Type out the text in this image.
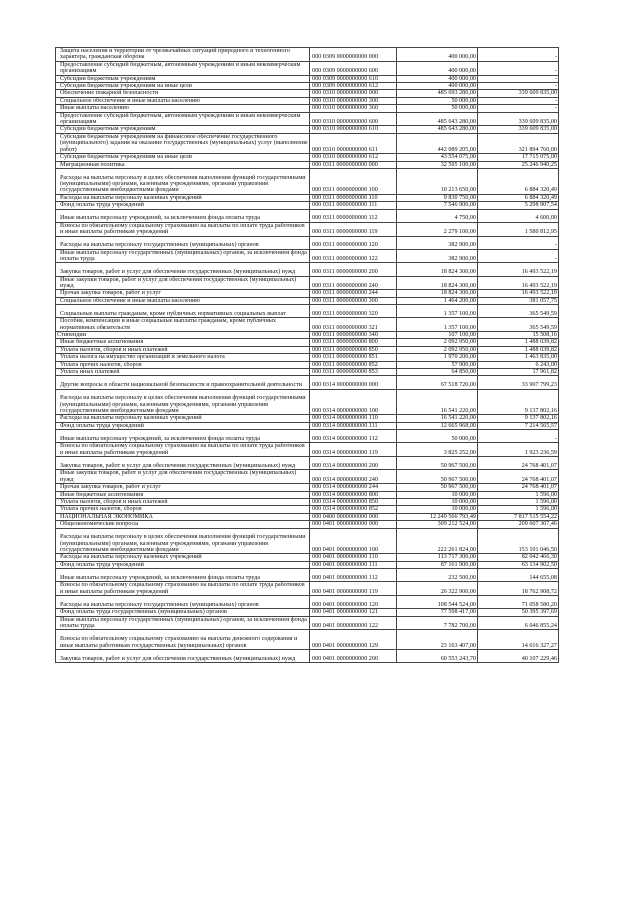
Защита населения и территории от чрезвычайных ситуаций природного и техногенного характера, гражданская оборона	000 0309 0000000000 000	400 000,00	-
Предоставление субсидий бюджетным, автономным учреждениям и иным некоммерческим организациям	000 0309 0000000000 600	400 000,00	-
Субсидии бюджетным учреждениям	000 0309 0000000000 610	400 000,00	-
Субсидии бюджетным учреждениям на иные цели	000 0309 0000000000 612	400 000,00	-
Обеспечение пожарной безопасности	000 0310 0000000000 000	485 693 280,00	339 609 835,00
Социальное обеспечение и иные выплаты населению	000 0310 0000000000 300	50 000,00	-
Иные выплаты населению	000 0310 0000000000 360	50 000,00	-
Предоставление субсидий бюджетным, автономным учреждениям и иным некоммерческим организациям	000 0310 0000000000 600	485 643 280,00	339 609 835,00
Субсидии бюджетным учреждениям	000 0310 0000000000 610	485 643 280,00	339 609 835,00
Субсидии бюджетным учреждениям на финансовое обеспечение государственного (муниципального) задания на оказание государственных (муниципальных) услуг (выполнение работ)	000 0310 0000000000 611	442 089 205,00	321 894 760,00
Субсидии бюджетным учреждениям на иные цели	000 0310 0000000000 612	43 554 075,00	17 715 075,00
Миграционная политика	000 0311 0000000000 000	32 595 100,00	25 246 940,25
Расходы на выплаты персоналу в целях обеспечения выполнения функций государственными (муниципальными) органами, казенными учреждениями, органами управления государственными внебюджетными фондами	000 0311 0000000000 100	10 213 650,00	6 884 320,49
Расходы на выплаты персоналу казенных учреждений	000 0311 0000000000 110	9 830 750,00	6 884 320,49
Фонд оплаты труда учреждений	000 0311 0000000000 111	7 546 900,00	5 298 907,54
Иные выплаты персоналу учреждений, за исключением фонда оплаты труда	000 0311 0000000000 112	4 750,00	4 600,00
Взносы по обязательному социальному страхованию на выплаты по оплате труда работников и иные выплаты работникам учреждений	000 0311 0000000000 119	2 279 100,00	1 580 812,95
Расходы на выплаты персоналу государственных (муниципальных) органов	000 0311 0000000000 120	382 900,00	-
Иные выплаты персоналу государственных (муниципальных) органов, за исключением фонда оплаты труда	000 0311 0000000000 122	382 900,00	-
Закупка товаров, работ и услуг для обеспечения государственных (муниципальных) нужд	000 0311 0000000000 200	18 824 300,00	16 493 522,19
Иные закупки товаров, работ и услуг для обеспечения государственных (муниципальных) нужд	000 0311 0000000000 240	18 824 300,00	16 493 522,19
Прочая закупка товаров, работ и услуг	000 0311 0000000000 244	18 824 300,00	16 493 522,19
Социальное обеспечение и иные выплаты населению	000 0311 0000000000 300	1 464 200,00	381 057,75
Социальные выплаты гражданам, кроме публичных нормативных социальных выплат	000 0311 0000000000 320	1 357 100,00	365 549,59
Пособия, компенсации и иные социальные выплаты гражданам, кроме публичных нормативных обязательств	000 0311 0000000000 321	1 357 100,00	365 549,59
Стипендии	000 0311 0000000000 340	107 100,00	15 508,16
Иные бюджетные ассигнования	000 0311 0000000000 800	2 092 950,00	1 488 039,82
Уплата налогов, сборов и иных платежей	000 0311 0000000000 850	2 092 950,00	1 488 039,82
Уплата налога на имущество организаций и земельного налога	000 0311 0000000000 851	1 970 200,00	1 463 835,00
Уплата прочих налогов, сборов	000 0311 0000000000 852	57 900,00	6 243,00
Уплата иных платежей	000 0311 0000000000 853	64 850,00	17 961,82
Другие вопросы в области национальной безопасности и правоохранительной деятельности	000 0314 0000000000 000	67 518 720,00	33 907 799,23
Расходы на выплаты персоналу в целях обеспечения выполнения функций государственными (муниципальными) органами, казенными учреждениями, органами управления государственными внебюджетными фондами	000 0314 0000000000 100	16 541 220,00	9 137 802,16
Расходы на выплаты персоналу казенных учреждений	000 0314 0000000000 110	16 541 220,00	9 137 802,16
Фонд оплаты труда учреждений	000 0314 0000000000 111	12 665 968,00	7 214 565,57
Иные выплаты персоналу учреждений, за исключением фонда оплаты труда	000 0314 0000000000 112	50 000,00	-
Взносы по обязательному социальному страхованию на выплаты по оплате труда работников и иные выплаты работникам учреждений	000 0314 0000000000 119	3 825 252,00	1 923 236,59
Закупка товаров, работ и услуг для обеспечения государственных (муниципальных) нужд	000 0314 0000000000 200	50 967 500,00	24 768 401,07
Иные закупки товаров, работ и услуг для обеспечения государственных (муниципальных) нужд	000 0314 0000000000 240	50 967 500,00	24 768 401,07
Прочая закупка товаров, работ и услуг	000 0314 0000000000 244	50 967 500,00	24 768 401,07
Иные бюджетные ассигнования	000 0314 0000000000 800	10 000,00	1 596,00
Уплата налогов, сборов и иных платежей	000 0314 0000000000 850	10 000,00	1 596,00
Уплата прочих налогов, сборов	000 0314 0000000000 852	10 000,00	1 596,00
НАЦИОНАЛЬНАЯ ЭКОНОМИКА	000 0400 0000000000 000	12 249 566 793,49	7 817 515 554,22
Общеэкономические вопросы	000 0401 0000000000 000	309 212 524,00	209 607 307,46
Расходы на выплаты персоналу в целях обеспечения выполнения функций государственными (муниципальными) органами, казенными учреждениями, органами управления государственными внебюджетными фондами	000 0401 0000000000 100	222 261 824,00	153 101 046,50
Расходы на выплаты персоналу казенных учреждений	000 0401 0000000000 110	113 717 300,00	82 042 466,30
Фонд оплаты труда учреждений	000 0401 0000000000 111	87 161 900,00	63 134 902,50
Иные выплаты персоналу учреждений, за исключением фонда оплаты труда	000 0401 0000000000 112	232 500,00	144 655,08
Взносы по обязательному социальному страхованию на выплаты по оплате труда работников и иные выплаты работникам учреждений	000 0401 0000000000 119	26 322 900,00	18 762 908,72
Расходы на выплаты персоналу государственных (муниципальных) органов	000 0401 0000000000 120	108 544 524,00	71 058 580,20
Фонд оплаты труда государственных (муниципальных) органов	000 0401 0000000000 121	77 598 417,00	50 395 397,69
Иные выплаты персоналу государственных (муниципальных) органов, за исключением фонда оплаты труда	000 0401 0000000000 122	7 782 700,00	6 046 855,24
Взносы по обязательному социальному страхованию на выплаты денежного содержания и иные выплаты работникам государственных (муниципальных) органов	000 0401 0000000000 129	23 163 407,00	14 616 327,27
Закупка товаров, работ и услуг для обеспечения государственных (муниципальных) нужд	000 0401 0000000000 200	60 553 243,70	40 107 229,46
